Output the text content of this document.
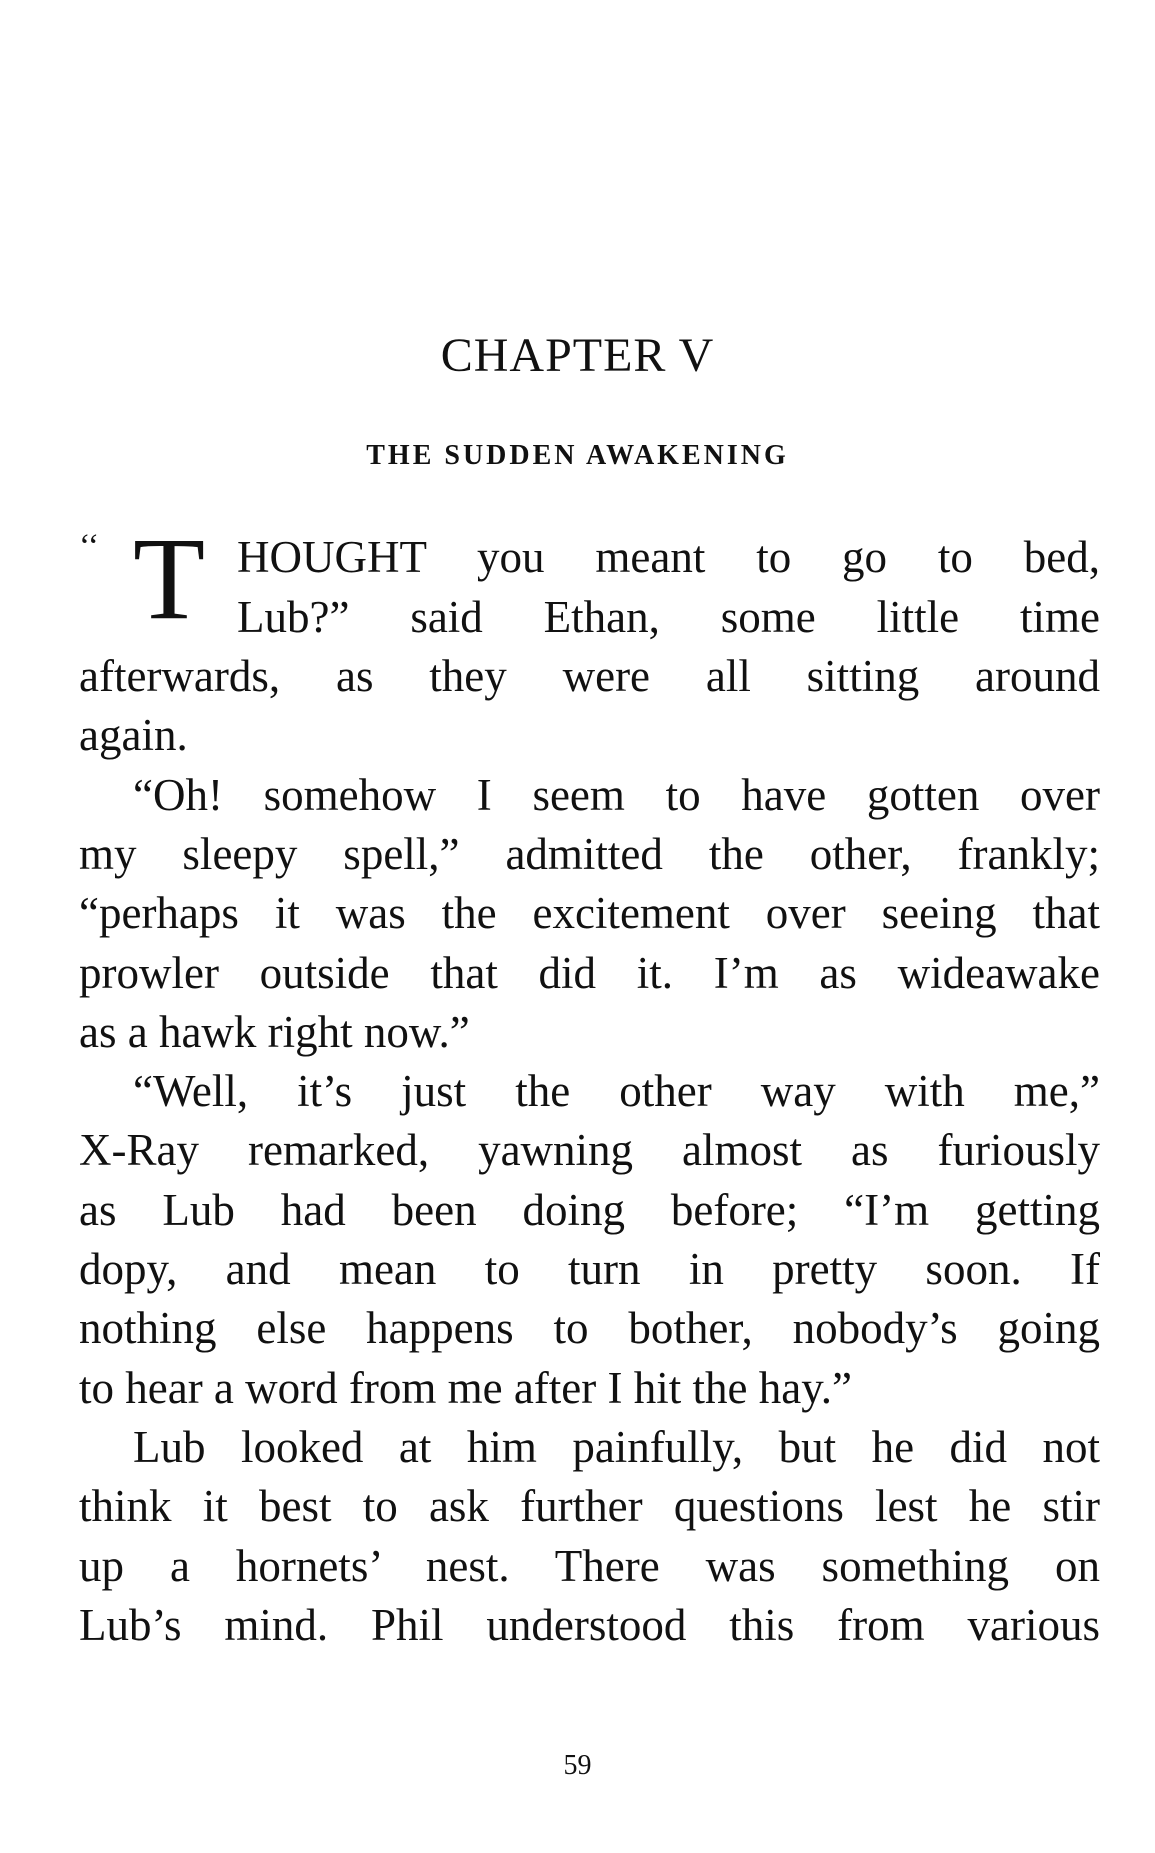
CHAPTER V
THE SUDDEN AWAKENING
‘‘ T HOUGHT you meant to go to bed,
Lub?” said Ethan, some little time
afterwards, as they were all sitting around
again.
“Oh! somehow I seem to have gotten over
my sleepy spell,” admitted the other, frankly;
“perhaps it was the excitement over seeing that
prowler outside that did it. I’m as wideawake
as a hawk right now.”
“Well, it’s just the other way with me,”
X-Ray remarked, yawning almost as furiously
as Lub had been doing before; “I’m getting
dopy, and mean to turn in pretty soon. If
nothing else happens to bother, nobody’s going
to hear a word from me after I hit the hay.”
Lub looked at him painfully, but he did not
think it best to ask further questions lest he stir
up a hornets’ nest. There was something on
Lub’s mind. Phil understood this from various
59
